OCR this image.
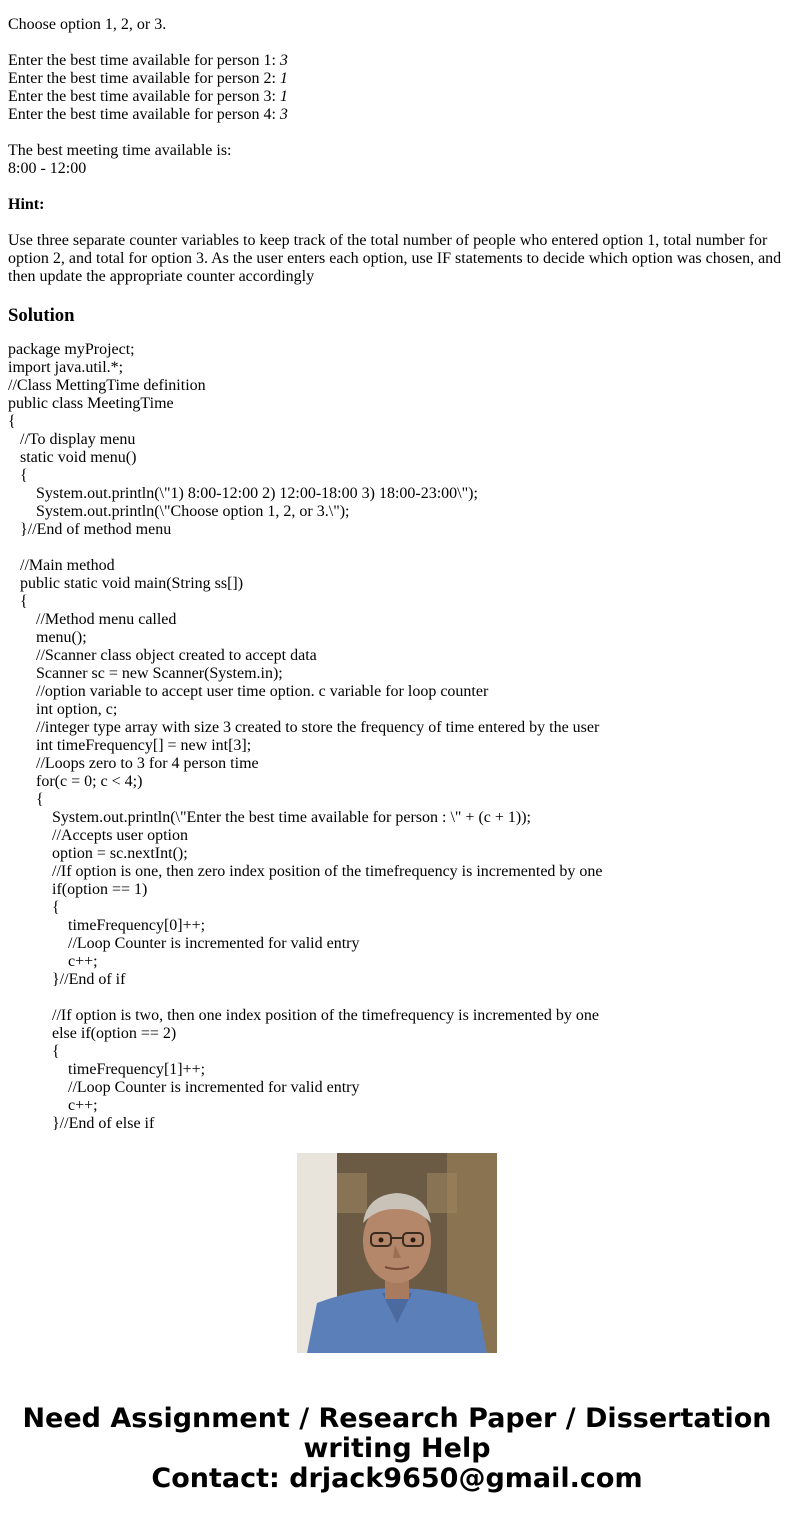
Choose option 1, 2, or 3.
Enter the best time available for person 1: 3
Enter the best time available for person 2: 1
Enter the best time available for person 3: 1
Enter the best time available for person 4: 3
The best meeting time available is:
8:00 - 12:00
Hint:
Use three separate counter variables to keep track of the total number of people who entered option 1, total number for option 2, and total for option 3. As the user enters each option, use IF statements to decide which option was chosen, and then update the appropriate counter accordingly
Solution
package myProject;
import java.util.*;
//Class MettingTime definition
public class MeetingTime
{
//To display menu
static void menu()
{
System.out.println(\"1) 8:00-12:00 2) 12:00-18:00 3) 18:00-23:00\");
System.out.println(\"Choose option 1, 2, or 3.\");
}//End of method menu

//Main method
public static void main(String ss[])
{
//Method menu called
menu();
//Scanner class object created to accept data
Scanner sc = new Scanner(System.in);
//option variable to accept user time option. c variable for loop counter
int option, c;
//integer type array with size 3 created to store the frequency of time entered by the user
int timeFrequency[] = new int[3];
//Loops zero to 3 for 4 person time
for(c = 0; c < 4;)
{
System.out.println(\"Enter the best time available for person : \" + (c + 1));
//Accepts user option
option = sc.nextInt();
//If option is one, then zero index position of the timefrequency is incremented by one
if(option == 1)
{
timeFrequency[0]++;
//Loop Counter is incremented for valid entry
c++;
}//End of if

//If option is two, then one index position of the timefrequency is incremented by one
else if(option == 2)
{
timeFrequency[1]++;
//Loop Counter is incremented for valid entry
c++;
}//End of else if
Need Assignment / Research Paper / Dissertation
writing Help
Contact: drjack9650@gmail.com
